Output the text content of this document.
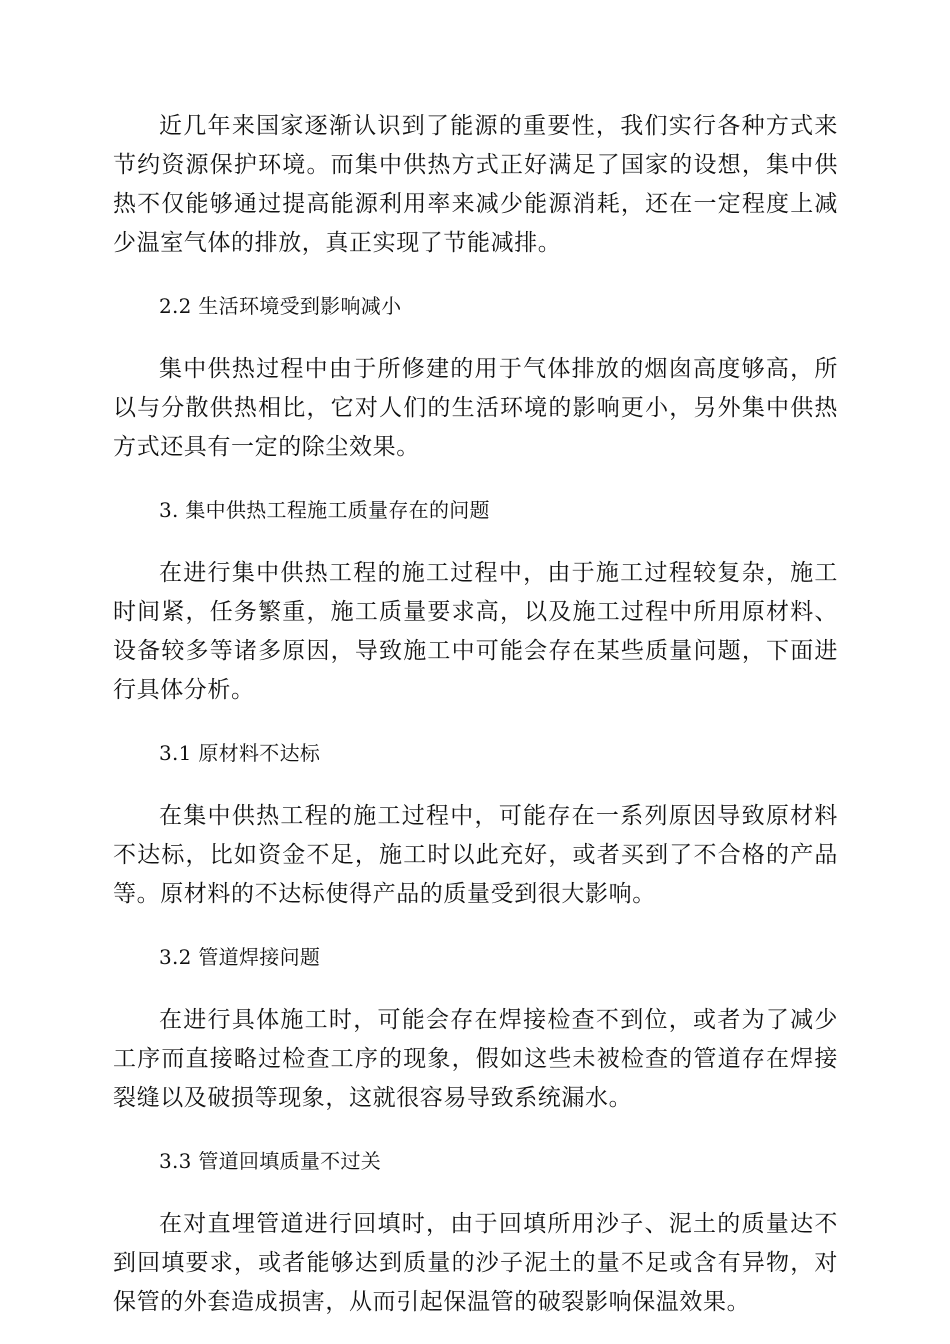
近几年来国家逐渐认识到了能源的重要性，我们实行各种方式来节约资源保护环境。而集中供热方式正好满足了国家的设想，集中供热不仅能够通过提高能源利用率来减少能源消耗，还在一定程度上减少温室气体的排放，真正实现了节能减排。

2.2 生活环境受到影响减小

集中供热过程中由于所修建的用于气体排放的烟囱高度够高，所以与分散供热相比，它对人们的生活环境的影响更小，另外集中供热方式还具有一定的除尘效果。

3. 集中供热工程施工质量存在的问题

在进行集中供热工程的施工过程中，由于施工过程较复杂，施工时间紧，任务繁重，施工质量要求高，以及施工过程中所用原材料、设备较多等诸多原因，导致施工中可能会存在某些质量问题，下面进行具体分析。

3.1 原材料不达标

在集中供热工程的施工过程中，可能存在一系列原因导致原材料不达标，比如资金不足，施工时以此充好，或者买到了不合格的产品等。原材料的不达标使得产品的质量受到很大影响。

3.2 管道焊接问题

在进行具体施工时，可能会存在焊接检查不到位，或者为了减少工序而直接略过检查工序的现象，假如这些未被检查的管道存在焊接裂缝以及破损等现象，这就很容易导致系统漏水。

3.3 管道回填质量不过关

在对直埋管道进行回填时，由于回填所用沙子、泥土的质量达不到回填要求，或者能够达到质量的沙子泥土的量不足或含有异物，对保管的外套造成损害，从而引起保温管的破裂影响保温效果。
